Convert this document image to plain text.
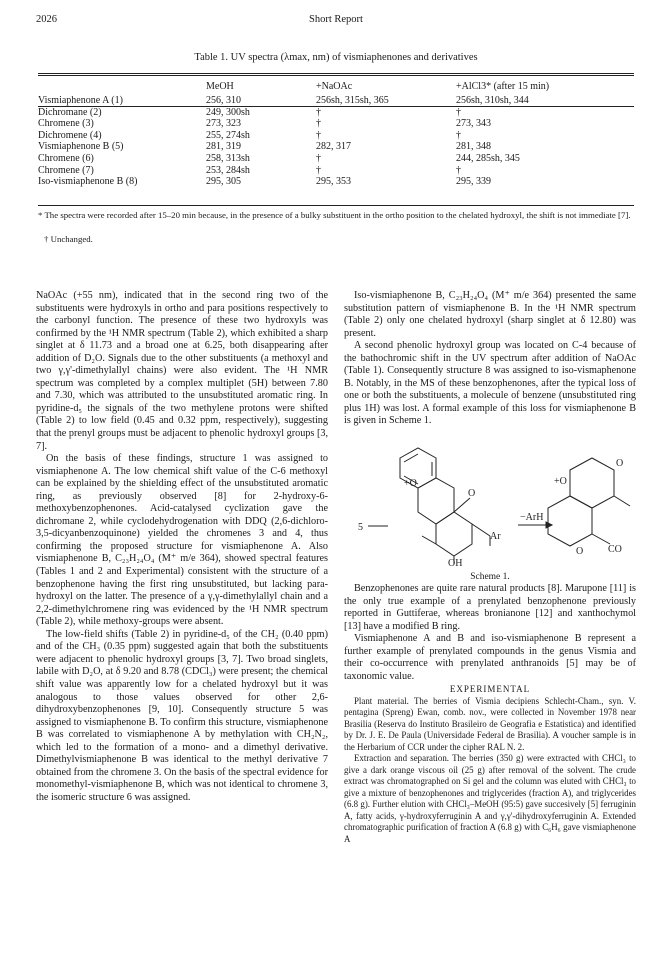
2026	Short Report
Table 1. UV spectra (λmax, nm) of vismiaphenones and derivatives
	MeOH	+NaOAc	+AlCl3* (after 15 min)
Vismiaphenone A (1)	256, 310	256sh, 315sh, 365	256sh, 310sh, 344
Dichromane (2)	249, 300sh	†	†
Chromene (3)	273, 323	†	273, 343
Dichromene (4)	255, 274sh	†	†
Vismiaphenone B (5)	281, 319	282, 317	281, 348
Chromene (6)	258, 313sh	†	244, 285sh, 345
Chromene (7)	253, 284sh	†	†
Iso-vismiaphenone B (8)	295, 305	295, 353	295, 339
* The spectra were recorded after 15–20 min because, in the presence of a bulky substituent in the ortho position to the chelated hydroxyl, the shift is not immediate [7].
† Unchanged.

NaOAc (+55 nm), indicated that in the second ring two of the substituents were hydroxyls in ortho and para positions respectively to the carbonyl function. The presence of these two hydroxyls was confirmed by the ¹H NMR spectrum (Table 2), which exhibited a sharp singlet at δ 11.73 and a broad one at 6.25, both disappearing after addition of D₂O. Signals due to the other substituents (a methoxyl and two γ,γ'-dimethylallyl chains) were also evident. The ¹H NMR spectrum was completed by a complex multiplet (5H) between 7.80 and 7.30, which was attributed to the unsubstituted aromatic ring. In pyridine-d₅ the signals of the two methylene protons were shifted (Table 2) to low field (0.45 and 0.32 ppm, respectively), suggesting that the prenyl groups must be adjacent to phenolic hydroxyl groups [3, 7].

On the basis of these findings, structure 1 was assigned to vismiaphenone A. The low chemical shift value of the C-6 methoxyl can be explained by the shielding effect of the unsubstituted aromatic ring, as previously observed [8] for 2-hydroxy-6-methoxybenzophenones. Acid-catalysed cyclization gave the dichromane 2, while cyclodehydrogenation with DDQ (2,6-dichloro-3,5-dicyanbenzoquinone) yielded the chromenes 3 and 4, thus confirming the proposed structure for vismiaphenone A. Also vismiaphenone B, C₂₃H₂₄O₄ (M⁺ m/e 364), showed spectral features (Tables 1 and 2 and Experimental) consistent with the structure of a benzophenone having the first ring unsubstituted, but lacking para-hydroxyl on the latter. The presence of a γ,γ-dimethylallyl chain and a 2,2-dimethylchromene ring was evidenced by the ¹H NMR spectrum (Table 2), while methoxy-groups were absent.

The low-field shifts (Table 2) in pyridine-d₅ of the CH₂ (0.40 ppm) and of the CH₃ (0.35 ppm) suggested again that both the substituents were adjacent to phenolic hydroxyl groups [3, 7]. Two broad singlets, labile with D₂O, at δ 9.20 and 8.78 (CDCl₃) were present; the chemical shift value was apparently low for a chelated hydroxyl but it was analogous to those values observed for other 2,6-dihydroxybenzophenones [9, 10]. Consequently structure 5 was assigned to vismiaphenone B. To confirm this structure, vismiaphenone B was correlated to vismiaphenone A by methylation with CH₂N₂, which led to the formation of a mono- and a dimethyl derivative. Dimethylvismiaphenone B was identical to the methyl derivative 7 obtained from the chromene 3. On the basis of the spectral evidence for monomethyl-vismiaphenone B, which was not identical to chromene 3, the isomeric structure 6 was assigned.

Iso-vismiaphenone B, C₂₃H₂₄O₄ (M⁺ m/e 364) presented the same substitution pattern of vismiaphenone B. In the ¹H NMR spectrum (Table 2) only one chelated hydroxyl (sharp singlet at δ 12.80) was present.

A second phenolic hydroxyl group was located on C-4 because of the bathochromic shift in the UV spectrum after addition of NaOAc (Table 1). Consequently structure 8 was assigned to iso-vismaphenone B. Notably, in the MS of these benzophenones, after the typical loss of one or both the substituents, a molecule of benzene (unsubstituted ring plus 1H) was lost. A formal example of this loss for vismiaphenone B is given in Scheme 1.

Benzophenones are quite rare natural products [8]. Marupone [11] is the only true example of a prenylated benzophenone previously reported in Guttiferae, whereas bronianone [12] and xanthochymol [13] have a modified B ring.

Vismiaphenone A and B and iso-vismiaphenone B represent a further example of prenylated compounds in the genus Vismia and their co-occurrence with prenylated anthranoids [5] may be of taxonomic value.

EXPERIMENTAL

Plant material. The berries of Vismia decipiens Schlecht-Cham., syn. V. pentagina (Spreng) Ewan, comb. nov., were collected in November 1978 near Brasilia (Reserva do Instituto Brasileiro de Geografia e Estatistica) and identified by Dr. J. E. De Paula (Universidade Federal de Brasilia). A voucher sample is in the Herbarium of CCR under the cipher RAL N. 2.

Extraction and separation. The berries (350 g) were extracted with CHCl₃ to give a dark orange viscous oil (25 g) after removal of the solvent. The crude extract was chromatographed on Si gel and the column was eluted with CHCl₃ to give a mixture of benzophenones and triglycerides (fraction A), and triglycerides (6.8 g). Further elution with CHCl₃–MeOH (95:5) gave succesively [5] ferruginin A, fatty acids, γ-hydroxyferruginin A and γ,γ'-dihydroxyferruginin A. Extended chromatographic purification of fraction A (6.8 g) with C₆H₆ gave vismiaphenone A

5
+O
O
Ar
OH
−ArH
+O
O
CO
O
Scheme 1.
